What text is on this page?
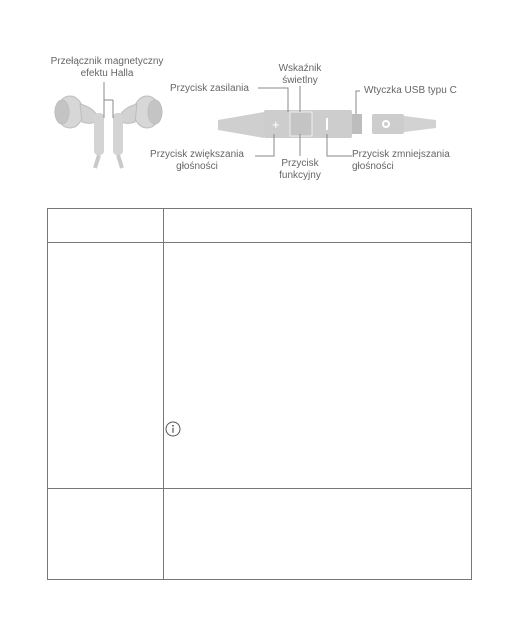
+
Przełącznik magnetyczny
efektu Halla
Przycisk zasilania
Wskaźnik
świetlny
Wtyczka USB typu C
Przycisk zwiększania
głośności	Przycisk
funkcyjny
Przycisk zmniejszania
głośności
